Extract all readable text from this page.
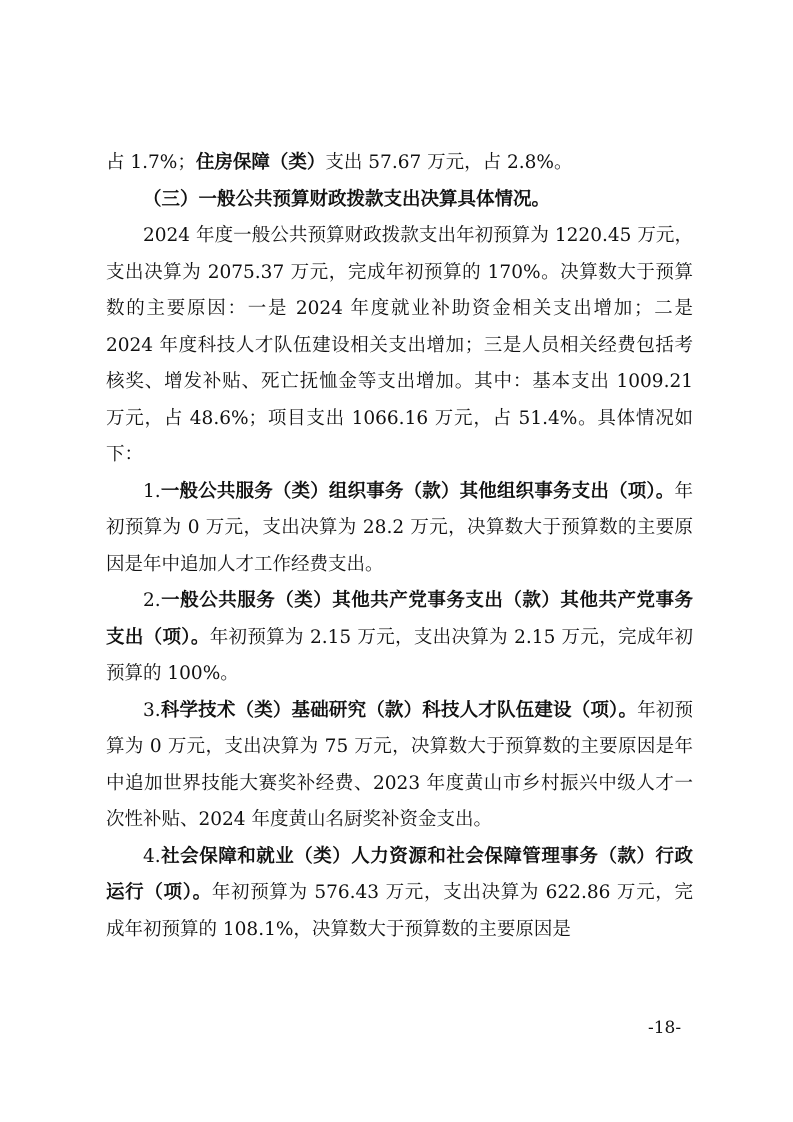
占 1.7%；住房保障（类）支出 57.67 万元，占 2.8%。

（三）一般公共预算财政拨款支出决算具体情况。

2024 年度一般公共预算财政拨款支出年初预算为 1220.45 万元，支出决算为 2075.37 万元，完成年初预算的 170%。决算数大于预算数的主要原因：一是 2024 年度就业补助资金相关支出增加；二是 2024 年度科技人才队伍建设相关支出增加；三是人员相关经费包括考核奖、增发补贴、死亡抚恤金等支出增加。其中：基本支出 1009.21 万元，占 48.6%；项目支出 1066.16 万元，占 51.4%。具体情况如下：

1.一般公共服务（类）组织事务（款）其他组织事务支出（项）。年初预算为 0 万元，支出决算为 28.2 万元，决算数大于预算数的主要原因是年中追加人才工作经费支出。

2.一般公共服务（类）其他共产党事务支出（款）其他共产党事务支出（项）。年初预算为 2.15 万元，支出决算为 2.15 万元，完成年初预算的 100%。

3.科学技术（类）基础研究（款）科技人才队伍建设（项）。年初预算为 0 万元，支出决算为 75 万元，决算数大于预算数的主要原因是年中追加世界技能大赛奖补经费、2023 年度黄山市乡村振兴中级人才一次性补贴、2024 年度黄山名厨奖补资金支出。

4.社会保障和就业（类）人力资源和社会保障管理事务（款）行政运行（项）。年初预算为 576.43 万元，支出决算为 622.86 万元，完成年初预算的 108.1%，决算数大于预算数的主要原因是

-18-
